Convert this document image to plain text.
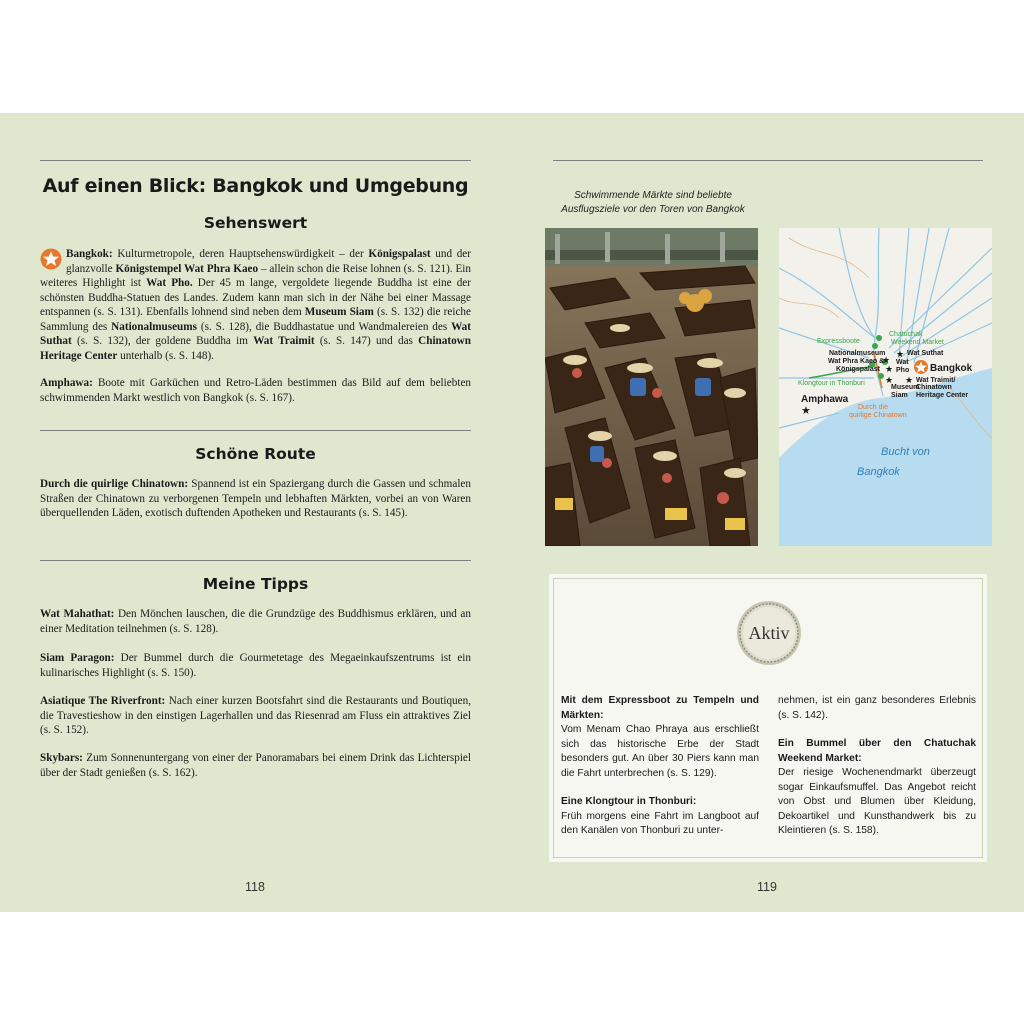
Auf einen Blick: Bangkok und Umgebung
Sehenswert
Bangkok: Kulturmetropole, deren Hauptsehenswürdigkeit – der Königspalast und der glanzvolle Königstempel Wat Phra Kaeo – allein schon die Reise lohnen (s. S. 121). Ein weiteres Highlight ist Wat Pho. Der 45 m lange, vergoldete liegende Buddha ist eine der schönsten Buddha-Statuen des Landes. Zudem kann man sich in der Nähe bei einer Massage entspannen (s. S. 131). Ebenfalls lohnend sind neben dem Museum Siam (s. S. 132) die reiche Sammlung des Nationalmuseums (s. S. 128), die Buddhastatue und Wandmalereien des Wat Suthat (s. S. 132), der goldene Buddha im Wat Traimit (s. S. 147) und das Chinatown Heritage Center unterhalb (s. S. 148).
Amphawa: Boote mit Garküchen und Retro-Läden bestimmen das Bild auf dem beliebten schwimmenden Markt westlich von Bangkok (s. S. 167).
Schöne Route
Durch die quirlige Chinatown: Spannend ist ein Spaziergang durch die Gassen und schmalen Straßen der Chinatown zu verborgenen Tempeln und lebhaften Märkten, vorbei an von Waren überquellenden Läden, exotisch duftenden Apotheken und Restaurants (s. S. 145).
Meine Tipps
Wat Mahathat: Den Mönchen lauschen, die die Grundzüge des Buddhismus erklären, und an einer Meditation teilnehmen (s. S. 128).
Siam Paragon: Der Bummel durch die Gourmetetage des Megaeinkaufszentrums ist ein kulinarisches Highlight (s. S. 150).
Asiatique The Riverfront: Nach einer kurzen Bootsfahrt sind die Restaurants und Boutiquen, die Travestieshow in den einstigen Lagerhallen und das Riesenrad am Fluss ein attraktives Ziel (s. S. 152).
Skybars: Zum Sonnenuntergang von einer der Panoramabars bei einem Drink das Lichterspiel über der Stadt genießen (s. S. 162).
118
Schwimmende Märkte sind beliebte
Ausflugsziele vor den Toren von Bangkok
★
★
★
★ ★
★
Expressboote
Chatuchak
Weekend Market
Klongtour in Thonburi
Nationalmuseum
Wat Phra Kaeo &
Königspalast
Wat Suthat
Wat
Pho
Museum
Siam
Wat Traimit/
Chinatown
Heritage Center
Bangkok
Amphawa
Durch die
quirlige Chinatown
Bucht von
Bangkok
Aktiv

Mit dem Expressboot zu Tempeln und Märkten:
Vom Menam Chao Phraya aus erschließt sich das historische Erbe der Stadt besonders gut. An über 30 Piers kann man die Fahrt unterbrechen (s. S. 129).

Eine Klongtour in Thonburi:
Früh morgens eine Fahrt im Langboot auf den Kanälen von Thonburi zu unter-

nehmen, ist ein ganz besonderes Erlebnis (s. S. 142).

Ein Bummel über den Chatuchak Weekend Market:
Der riesige Wochenendmarkt überzeugt sogar Einkaufsmuffel. Das Angebot reicht von Obst und Blumen über Kleidung, Dekoartikel und Kunsthandwerk bis zu Kleintieren (s. S. 158).

119
